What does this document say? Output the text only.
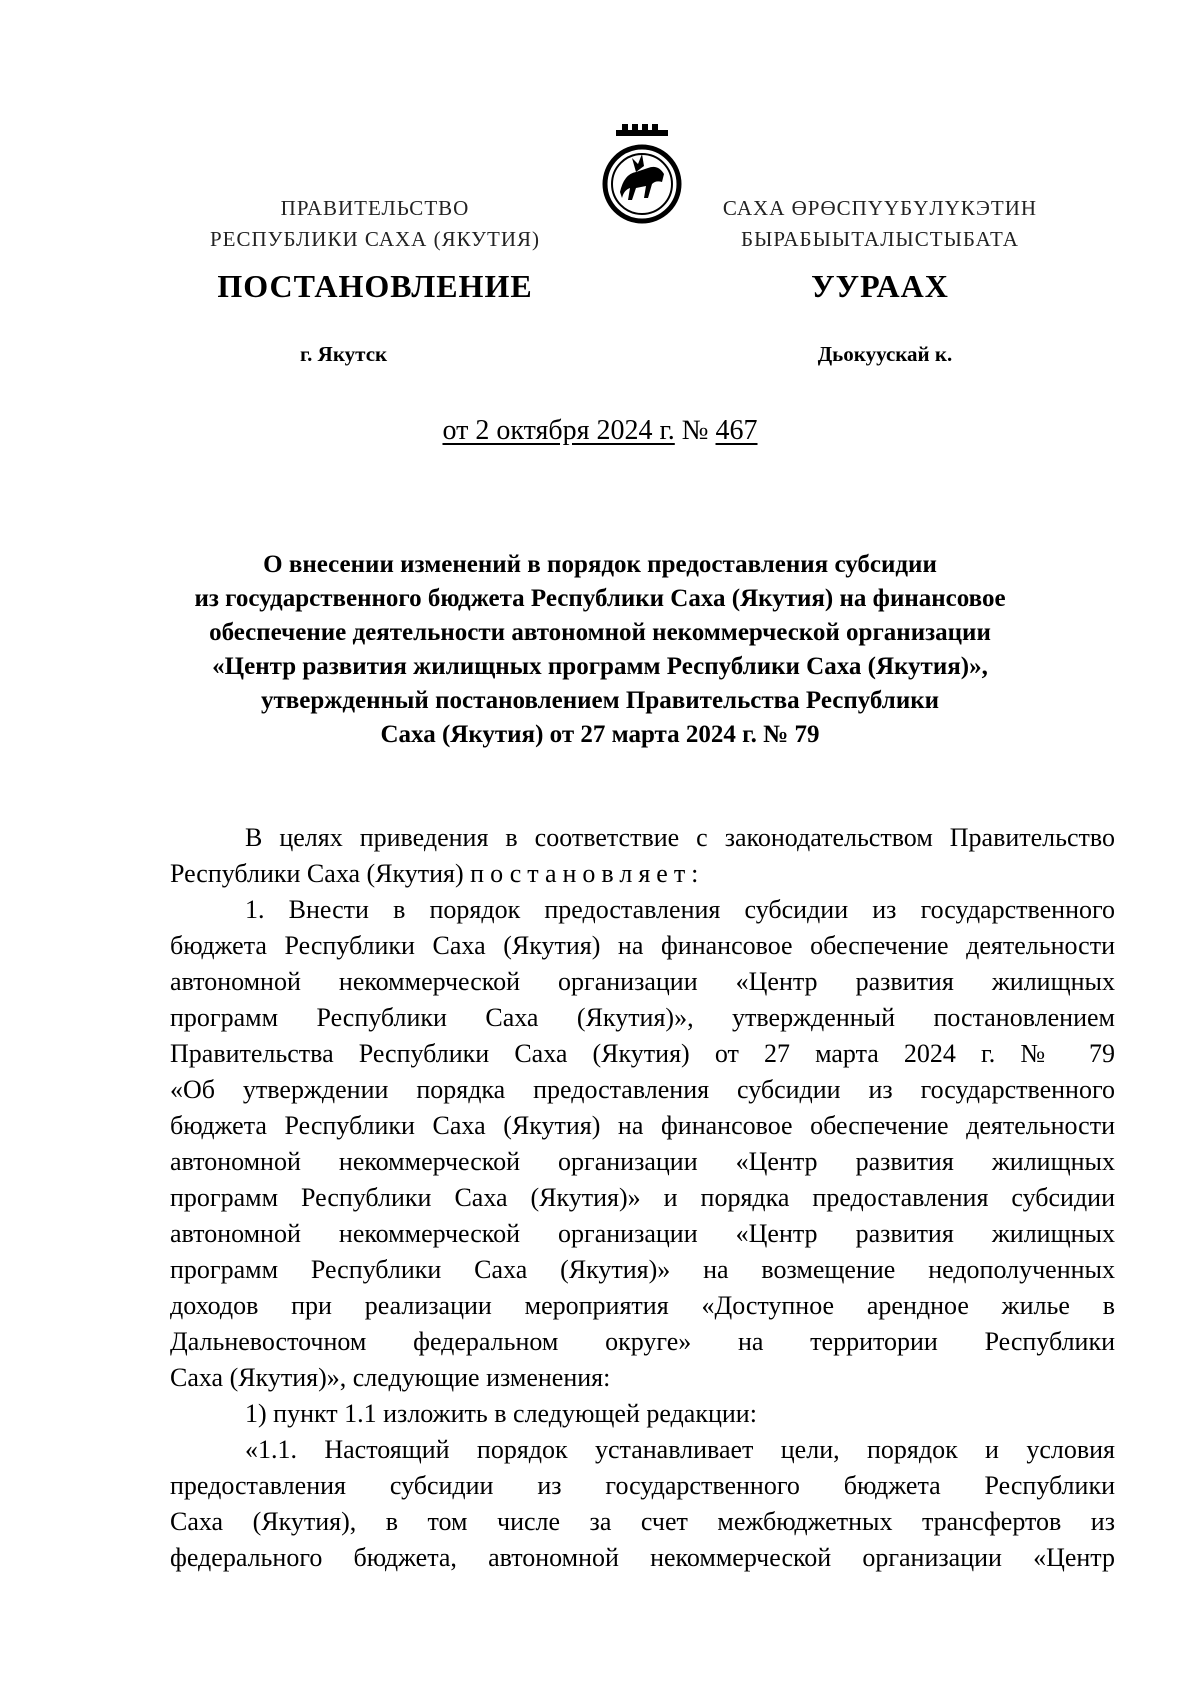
ПРАВИТЕЛЬСТВО
РЕСПУБЛИКИ САХА (ЯКУТИЯ)
САХА ӨРӨСПҮҮБҮЛҮКЭТИН
БЫРАБЫЫТАЛЫСТЫБАТА
ПОСТАНОВЛЕНИЕ	УУРААХ
г. Якутск	Дьокуускай к.
от 2 октября 2024 г. № 467
О внесении изменений в порядок предоставления субсидии
из государственного бюджета Республики Саха (Якутия) на финансовое
обеспечение деятельности автономной некоммерческой организации
«Центр развития жилищных программ Республики Саха (Якутия)»,
утвержденный постановлением Правительства Республики
Саха (Якутия) от 27 марта 2024 г. № 79
В целях приведения в соответствие с законодательством Правительство
Республики Саха (Якутия) постановляет:
1. Внести в порядок предоставления субсидии из государственного
бюджета Республики Саха (Якутия) на финансовое обеспечение деятельности
автономной некоммерческой организации «Центр развития жилищных
программ Республики Саха (Якутия)», утвержденный постановлением
Правительства Республики Саха (Якутия) от 27 марта 2024 г. № 79
«Об утверждении порядка предоставления субсидии из государственного
бюджета Республики Саха (Якутия) на финансовое обеспечение деятельности
автономной некоммерческой организации «Центр развития жилищных
программ Республики Саха (Якутия)» и порядка предоставления субсидии
автономной некоммерческой организации «Центр развития жилищных
программ Республики Саха (Якутия)» на возмещение недополученных
доходов при реализации мероприятия «Доступное арендное жилье в
Дальневосточном федеральном округе» на территории Республики
Саха (Якутия)», следующие изменения:
1) пункт 1.1 изложить в следующей редакции:
«1.1. Настоящий порядок устанавливает цели, порядок и условия
предоставления субсидии из государственного бюджета Республики
Саха (Якутия), в том числе за счет межбюджетных трансфертов из
федерального бюджета, автономной некоммерческой организации «Центр
